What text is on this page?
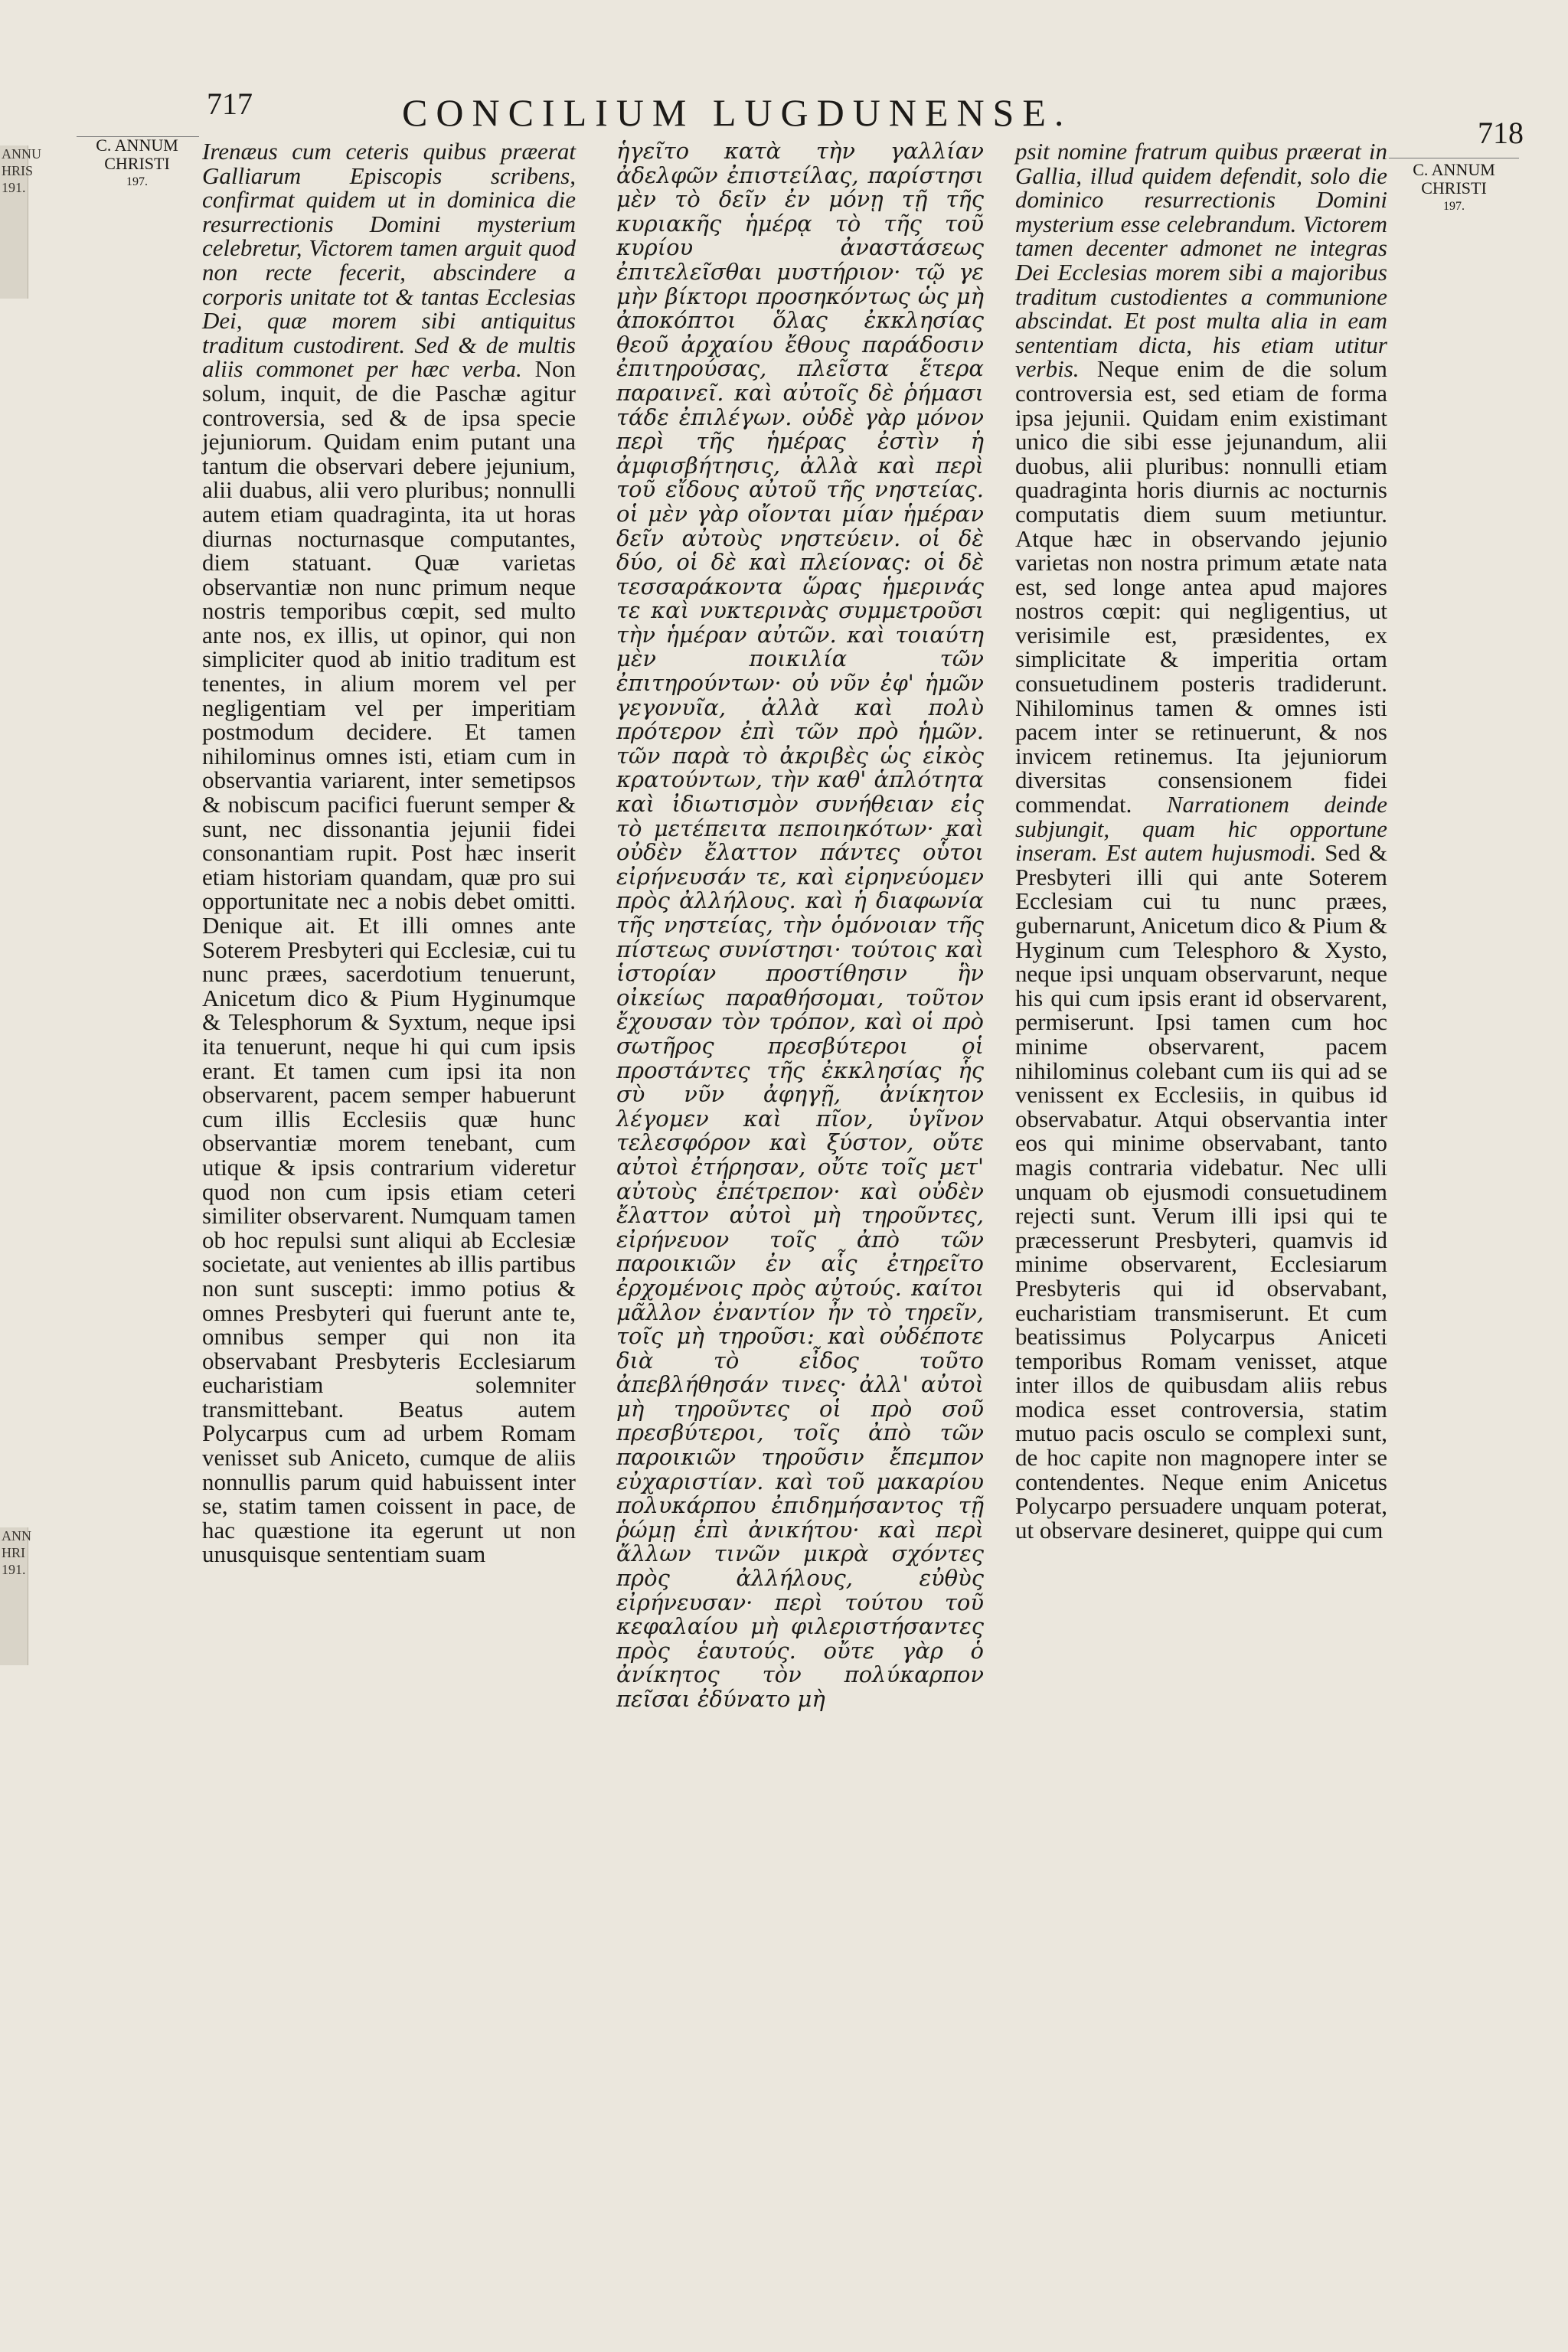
ANNU
HRIS
191.
ANN
HRI
191.
717	CONCILIUM LUGDUNENSE.	718
C. ANNUM
CHRISTI
197.
C. ANNUM
CHRISTI
197.

Irenæus cum ceteris quibus præerat Galliarum Episcopis scribens, confirmat quidem ut in dominica die resurrectionis Domini mysterium celebretur, Victorem tamen arguit quod non recte fecerit, abscindere a corporis unitate tot & tantas Ecclesias Dei, quæ morem sibi antiquitus traditum custodirent. Sed & de multis aliis commonet per hæc verba. Non solum, inquit, de die Paschæ agitur controversia, sed & de ipsa specie jejuniorum. Quidam enim putant una tantum die observari debere jejunium, alii duabus, alii vero pluribus; nonnulli autem etiam quadraginta, ita ut horas diurnas nocturnasque computantes, diem statuant. Quæ varietas observantiæ non nunc primum neque nostris temporibus cœpit, sed multo ante nos, ex illis, ut opinor, qui non simpliciter quod ab initio traditum est tenentes, in alium morem vel per negligentiam vel per imperitiam postmodum decidere. Et tamen nihilominus omnes isti, etiam cum in observantia variarent, inter semetipsos & nobiscum pacifici fuerunt semper & sunt, nec dissonantia jejunii fidei consonantiam rupit. Post hæc inserit etiam historiam quandam, quæ pro sui opportunitate nec a nobis debet omitti. Denique ait. Et illi omnes ante Soterem Presbyteri qui Ecclesiæ, cui tu nunc præes, sacerdotium tenuerunt, Anicetum dico & Pium Hyginumque & Telesphorum & Syxtum, neque ipsi ita tenuerunt, neque hi qui cum ipsis erant. Et tamen cum ipsi ita non observarent, pacem semper habuerunt cum illis Ecclesiis quæ hunc observantiæ morem tenebant, cum utique & ipsis contrarium videretur quod non cum ipsis etiam ceteri similiter observarent. Numquam tamen ob hoc repulsi sunt aliqui ab Ecclesiæ societate, aut venientes ab illis partibus non sunt suscepti: immo potius & omnes Presbyteri qui fuerunt ante te, omnibus semper qui non ita observabant Presbyteris Ecclesiarum eucharistiam solemniter transmittebant. Beatus autem Polycarpus cum ad urbem Romam venisset sub Aniceto, cumque de aliis nonnullis parum quid habuissent inter se, statim tamen coissent in pace, de hac quæstione ita egerunt ut non unusquisque sententiam suam

ἡγεῖτο κατὰ τὴν γαλλίαν ἀδελφῶν ἐπιστείλας, παρίστησι μὲν τὸ δεῖν ἐν μόνῃ τῇ τῆς κυριακῆς ἡμέρᾳ τὸ τῆς τοῦ κυρίου ἀναστάσεως ἐπιτελεῖσθαι μυστήριον· τῷ γε μὴν βίκτορι προσηκόντως ὡς μὴ ἀποκόπτοι ὅλας ἐκκλησίας θεοῦ ἀρχαίου ἔθους παράδοσιν ἐπιτηρούσας, πλεῖστα ἕτερα παραινεῖ. καὶ αὐτοῖς δὲ ῥήμασι τάδε ἐπιλέγων. οὐδὲ γὰρ μόνον περὶ τῆς ἡμέρας ἐστὶν ἡ ἀμφισβήτησις, ἀλλὰ καὶ περὶ τοῦ εἴδους αὐτοῦ τῆς νηστείας. οἱ μὲν γὰρ οἴονται μίαν ἡμέραν δεῖν αὐτοὺς νηστεύειν. οἱ δὲ δύο, οἱ δὲ καὶ πλείονας: οἱ δὲ τεσσαράκοντα ὥρας ἡμερινάς τε καὶ νυκτερινὰς συμμετροῦσι τὴν ἡμέραν αὐτῶν. καὶ τοιαύτη μὲν ποικιλία τῶν ἐπιτηρούντων· οὐ νῦν ἐφ' ἡμῶν γεγονυῖα, ἀλλὰ καὶ πολὺ πρότερον ἐπὶ τῶν πρὸ ἡμῶν. τῶν παρὰ τὸ ἀκριβὲς ὡς εἰκὸς κρατούντων, τὴν καθ' ἁπλότητα καὶ ἰδιωτισμὸν συνήθειαν εἰς τὸ μετέπειτα πεποιηκότων· καὶ οὐδὲν ἔλαττον πάντες οὗτοι εἰρήνευσάν τε, καὶ εἰρηνεύομεν πρὸς ἀλλήλους. καὶ ἡ διαφωνία τῆς νηστείας, τὴν ὁμόνοιαν τῆς πίστεως συνίστησι· τούτοις καὶ ἱστορίαν προστίθησιν ἣν οἰκείως παραθήσομαι, τοῦτον ἔχουσαν τὸν τρόπον, καὶ οἱ πρὸ σωτῆρος πρεσβύτεροι οἱ προστάντες τῆς ἐκκλησίας ἧς σὺ νῦν ἀφηγῇ, ἀνίκητον λέγομεν καὶ πῖον, ὑγῖνον τελεσφόρον καὶ ξύστον, οὔτε αὐτοὶ ἐτήρησαν, οὔτε τοῖς μετ' αὐτοὺς ἐπέτρεπον· καὶ οὐδὲν ἔλαττον αὐτοὶ μὴ τηροῦντες, εἰρήνευον τοῖς ἀπὸ τῶν παροικιῶν ἐν αἷς ἐτηρεῖτο ἐρχομένοις πρὸς αὐτούς. καίτοι μᾶλλον ἐναντίον ἦν τὸ τηρεῖν, τοῖς μὴ τηροῦσι: καὶ οὐδέποτε διὰ τὸ εἶδος τοῦτο ἀπεβλήθησάν τινες· ἀλλ' αὐτοὶ μὴ τηροῦντες οἱ πρὸ σοῦ πρεσβύτεροι, τοῖς ἀπὸ τῶν παροικιῶν τηροῦσιν ἔπεμπον εὐχαριστίαν. καὶ τοῦ μακαρίου πολυκάρπου ἐπιδημήσαντος τῇ ῥώμῃ ἐπὶ ἀνικήτου· καὶ περὶ ἄλλων τινῶν μικρὰ σχόντες πρὸς ἀλλήλους, εὐθὺς εἰρήνευσαν· περὶ τούτου τοῦ κεφαλαίου μὴ φιλεριστήσαντες πρὸς ἑαυτούς. οὔτε γὰρ ὁ ἀνίκητος τὸν πολύκαρπον πεῖσαι ἐδύνατο μὴ

psit nomine fratrum quibus præerat in Gallia, illud quidem defendit, solo die dominico resurrectionis Domini mysterium esse celebrandum. Victorem tamen decenter admonet ne integras Dei Ecclesias morem sibi a majoribus traditum custodientes a communione abscindat. Et post multa alia in eam sententiam dicta, his etiam utitur verbis. Neque enim de die solum controversia est, sed etiam de forma ipsa jejunii. Quidam enim existimant unico die sibi esse jejunandum, alii duobus, alii pluribus: nonnulli etiam quadraginta horis diurnis ac nocturnis computatis diem suum metiuntur. Atque hæc in observando jejunio varietas non nostra primum ætate nata est, sed longe antea apud majores nostros cœpit: qui negligentius, ut verisimile est, præsidentes, ex simplicitate & imperitia ortam consuetudinem posteris tradiderunt. Nihilominus tamen & omnes isti pacem inter se retinuerunt, & nos invicem retinemus. Ita jejuniorum diversitas consensionem fidei commendat. Narrationem deinde subjungit, quam hic opportune inseram. Est autem hujusmodi. Sed & Presbyteri illi qui ante Soterem Ecclesiam cui tu nunc præes, gubernarunt, Anicetum dico & Pium & Hyginum cum Telesphoro & Xysto, neque ipsi unquam observarunt, neque his qui cum ipsis erant id observarent, permiserunt. Ipsi tamen cum hoc minime observarent, pacem nihilominus colebant cum iis qui ad se venissent ex Ecclesiis, in quibus id observabatur. Atqui observantia inter eos qui minime observabant, tanto magis contraria videbatur. Nec ulli unquam ob ejusmodi consuetudinem rejecti sunt. Verum illi ipsi qui te præcesserunt Presbyteri, quamvis id minime observarent, Ecclesiarum Presbyteris qui id observabant, eucharistiam transmiserunt. Et cum beatissimus Polycarpus Aniceti temporibus Romam venisset, atque inter illos de quibusdam aliis rebus modica esset controversia, statim mutuo pacis osculo se complexi sunt, de hoc capite non magnopere inter se contendentes. Neque enim Anicetus Polycarpo persuadere unquam poterat, ut observare desineret, quippe qui cum
